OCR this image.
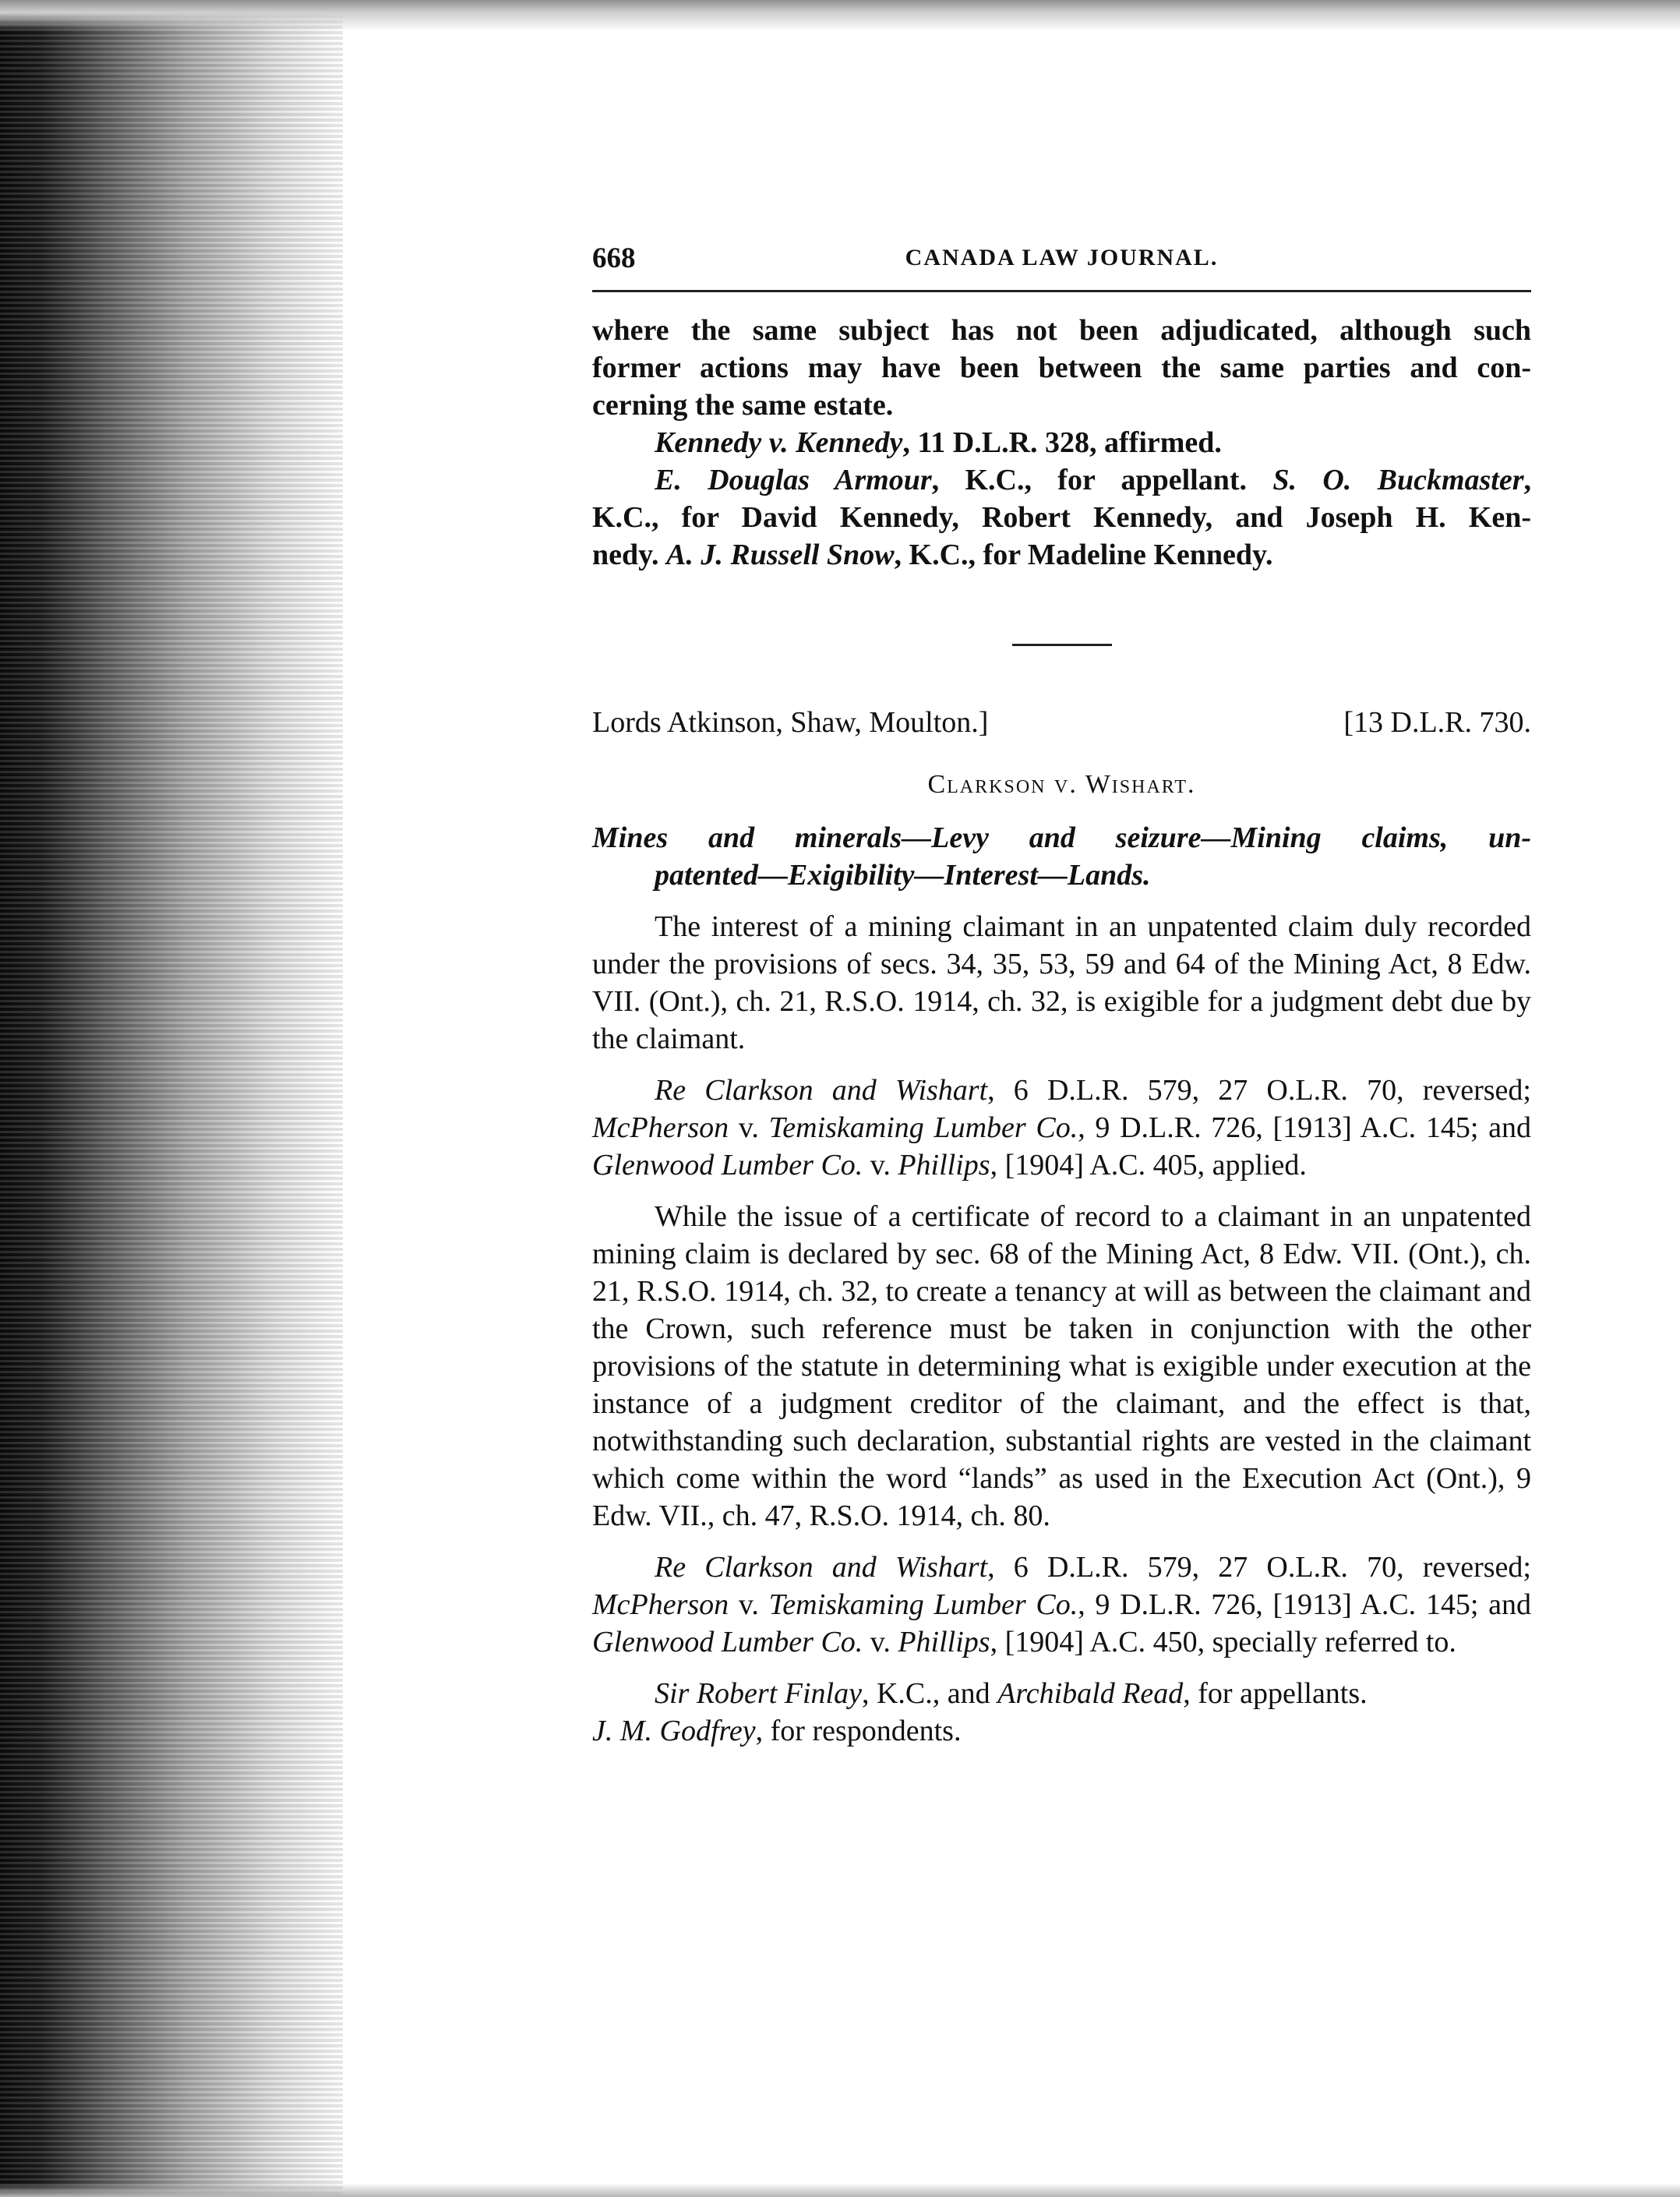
668	CANADA LAW JOURNAL.

where the same subject has not been adjudicated, although such

former actions may have been between the same parties and con-

cerning the same estate.

Kennedy v. Kennedy, 11 D.L.R. 328, affirmed.

E. Douglas Armour, K.C., for appellant. S. O. Buckmaster,

K.C., for David Kennedy, Robert Kennedy, and Joseph H. Ken-

nedy. A. J. Russell Snow, K.C., for Madeline Kennedy.

Lords Atkinson, Shaw, Moulton.]	[13 D.L.R. 730.
Clarkson v. Wishart.

Mines and minerals—Levy and seizure—Mining claims, un-

patented—Exigibility—Interest—Lands.

The interest of a mining claimant in an unpatented claim duly recorded under the provisions of secs. 34, 35, 53, 59 and 64 of the Mining Act, 8 Edw. VII. (Ont.), ch. 21, R.S.O. 1914, ch. 32, is exigible for a judgment debt due by the claimant.

Re Clarkson and Wishart, 6 D.L.R. 579, 27 O.L.R. 70, reversed; McPherson v. Temiskaming Lumber Co., 9 D.L.R. 726, [1913] A.C. 145; and Glenwood Lumber Co. v. Phillips, [1904] A.C. 405, applied.

While the issue of a certificate of record to a claimant in an unpatented mining claim is declared by sec. 68 of the Mining Act, 8 Edw. VII. (Ont.), ch. 21, R.S.O. 1914, ch. 32, to create a tenancy at will as between the claimant and the Crown, such reference must be taken in conjunction with the other provisions of the statute in determining what is exigible under execution at the instance of a judgment creditor of the claimant, and the effect is that, notwithstanding such declaration, substantial rights are vested in the claimant which come within the word “lands” as used in the Execution Act (Ont.), 9 Edw. VII., ch. 47, R.S.O. 1914, ch. 80.

Re Clarkson and Wishart, 6 D.L.R. 579, 27 O.L.R. 70, reversed; McPherson v. Temiskaming Lumber Co., 9 D.L.R. 726, [1913] A.C. 145; and Glenwood Lumber Co. v. Phillips, [1904] A.C. 450, specially referred to.

Sir Robert Finlay, K.C., and Archibald Read, for appellants.
J. M. Godfrey, for respondents.
